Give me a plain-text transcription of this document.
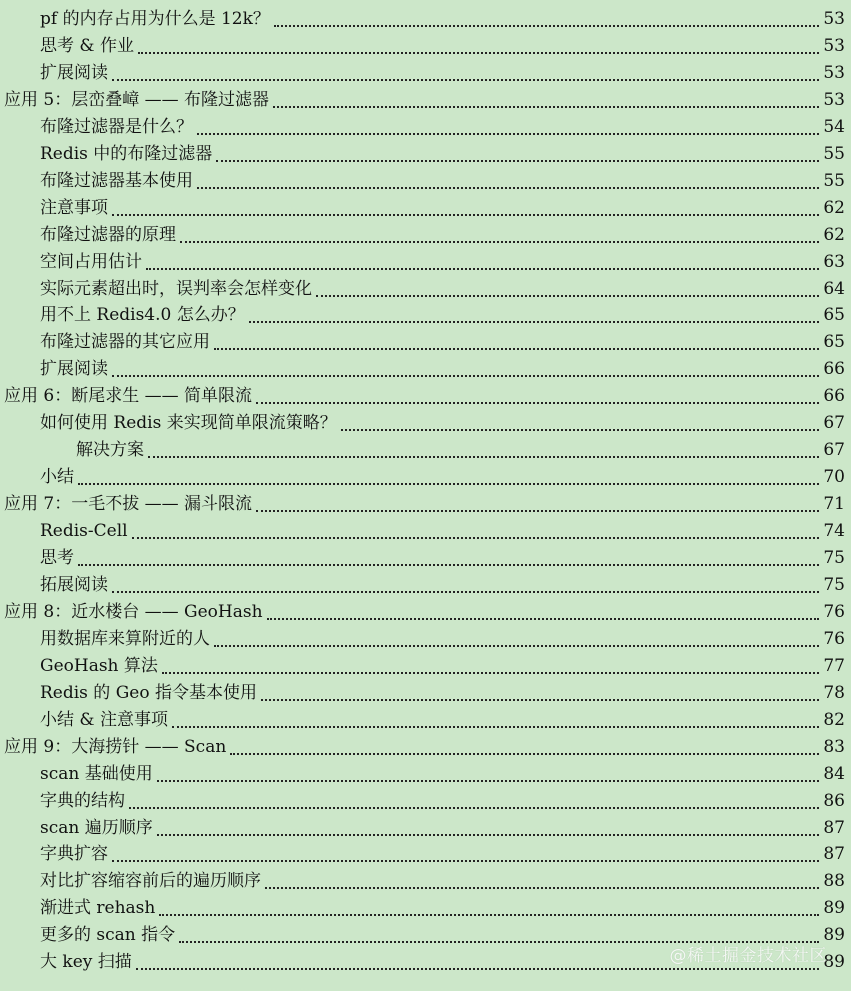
pf 的内存占用为什么是 12k？	53
思考 & 作业	53
扩展阅读	53
应用 5：层峦叠嶂 —— 布隆过滤器	53
布隆过滤器是什么？	54
Redis 中的布隆过滤器	55
布隆过滤器基本使用	55
注意事项	62
布隆过滤器的原理	62
空间占用估计	63
实际元素超出时，误判率会怎样变化	64
用不上 Redis4.0 怎么办？	65
布隆过滤器的其它应用	65
扩展阅读	66
应用 6：断尾求生 —— 简单限流	66
如何使用 Redis 来实现简单限流策略？	67
解决方案	67
小结	70
应用 7：一毛不拔 —— 漏斗限流	71
Redis-Cell	74
思考	75
拓展阅读	75
应用 8：近水楼台 —— GeoHash	76
用数据库来算附近的人	76
GeoHash 算法	77
Redis 的 Geo 指令基本使用	78
小结 & 注意事项	82
应用 9：大海捞针 —— Scan	83
scan 基础使用	84
字典的结构	86
scan 遍历顺序	87
字典扩容	87
对比扩容缩容前后的遍历顺序	88
渐进式 rehash	89
更多的 scan 指令	89
大 key 扫描	89
@稀土掘金技术社区
